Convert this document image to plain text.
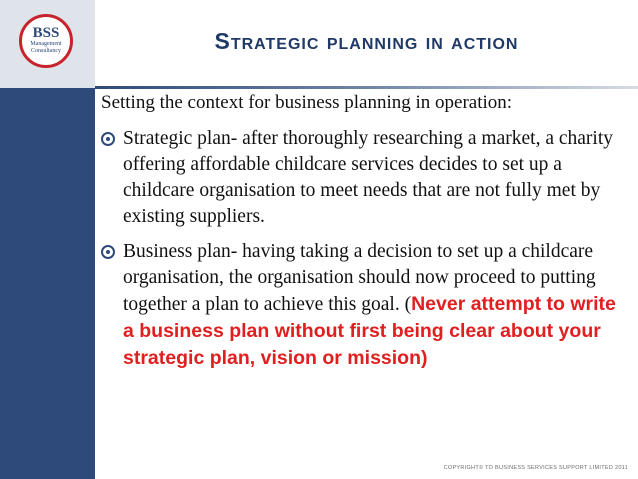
BSS
Management Consultancy	Strategic planning in action
Setting the context for business planning in operation:
Strategic plan- after thoroughly researching a market, a charity offering affordable childcare services decides to set up a childcare organisation to meet needs that are not fully met by existing suppliers.
Business plan- having taking a decision to set up a childcare organisation, the organisation should now proceed to putting together a plan to achieve this goal. (Never attempt to write a business plan without first being clear about your strategic plan, vision or mission)
COPYRIGHT© TO BUSINESS SERVICES SUPPORT LIMITED 2011
